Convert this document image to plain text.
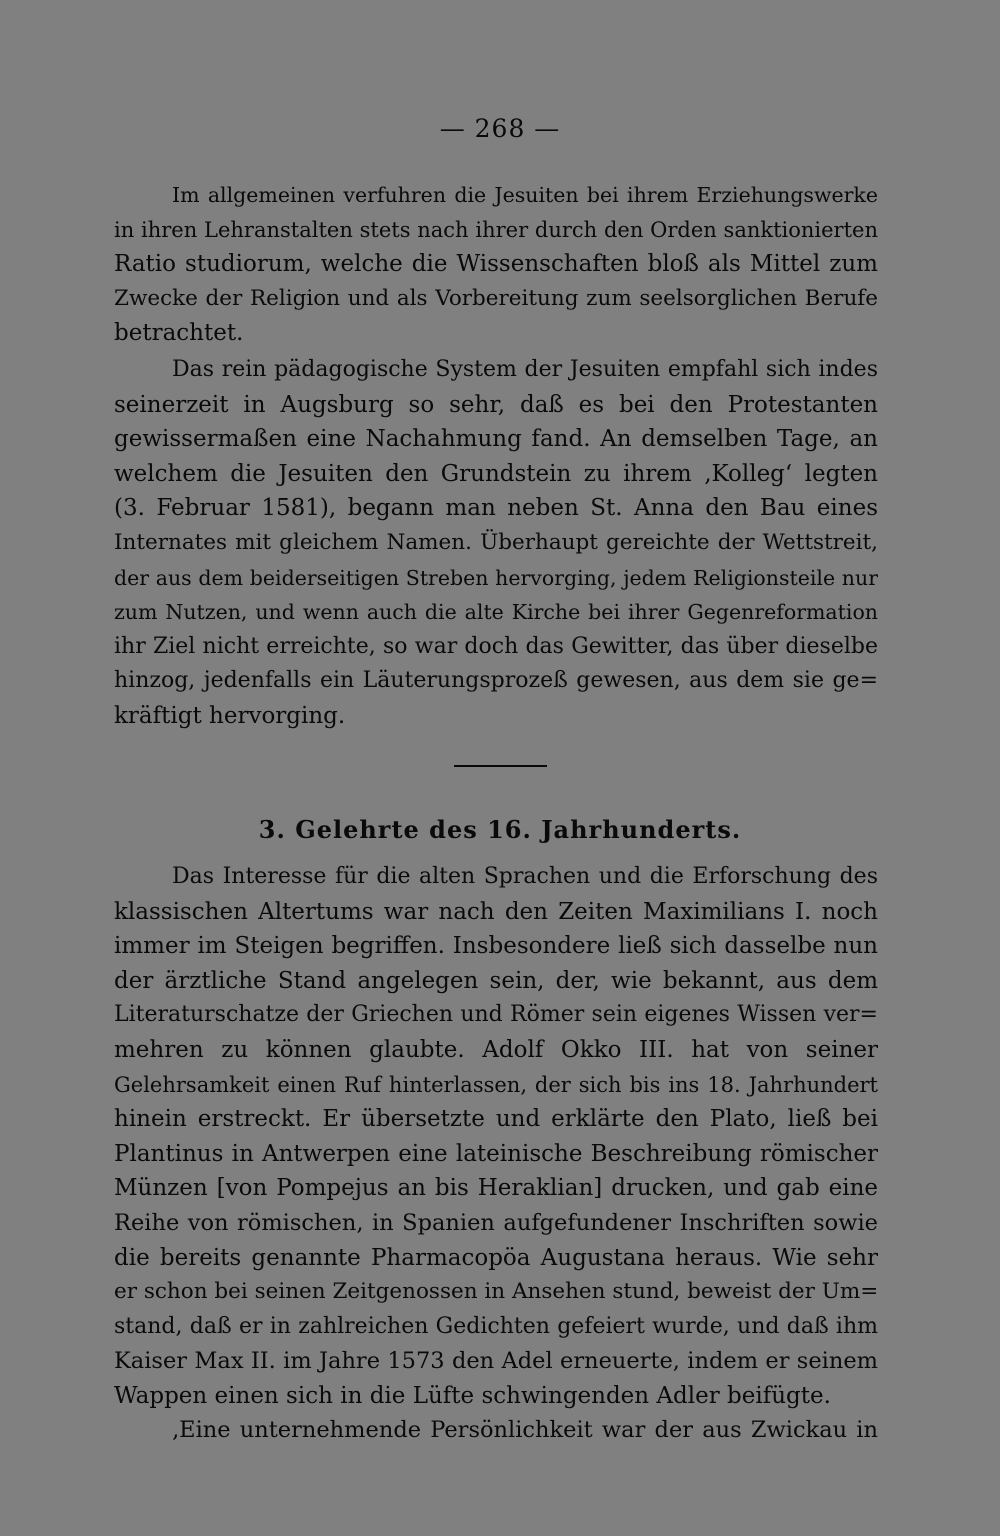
— 268 —
Im allgemeinen verfuhren die Jesuiten bei ihrem Erziehungswerke
in ihren Lehranstalten stets nach ihrer durch den Orden sanktionierten
Ratio studiorum, welche die Wissenschaften bloß als Mittel zum
Zwecke der Religion und als Vorbereitung zum seelsorglichen Berufe
betrachtet.
Das rein pädagogische System der Jesuiten empfahl sich indes
seinerzeit in Augsburg so sehr, daß es bei den Protestanten
gewissermaßen eine Nachahmung fand. An demselben Tage, an
welchem die Jesuiten den Grundstein zu ihrem ‚Kolleg‘ legten
(3. Februar 1581), begann man neben St. Anna den Bau eines
Internates mit gleichem Namen. Überhaupt gereichte der Wettstreit,
der aus dem beiderseitigen Streben hervorging, jedem Religionsteile nur
zum Nutzen, und wenn auch die alte Kirche bei ihrer Gegenreformation
ihr Ziel nicht erreichte, so war doch das Gewitter, das über dieselbe
hinzog, jedenfalls ein Läuterungsprozeß gewesen, aus dem sie ge=
kräftigt hervorging.
3. Gelehrte des 16. Jahrhunderts.
Das Interesse für die alten Sprachen und die Erforschung des
klassischen Altertums war nach den Zeiten Maximilians I. noch
immer im Steigen begriffen. Insbesondere ließ sich dasselbe nun
der ärztliche Stand angelegen sein, der, wie bekannt, aus dem
Literaturschatze der Griechen und Römer sein eigenes Wissen ver=
mehren zu können glaubte. Adolf Okko III. hat von seiner
Gelehrsamkeit einen Ruf hinterlassen, der sich bis ins 18. Jahrhundert
hinein erstreckt. Er übersetzte und erklärte den Plato, ließ bei
Plantinus in Antwerpen eine lateinische Beschreibung römischer
Münzen [von Pompejus an bis Heraklian] drucken, und gab eine
Reihe von römischen, in Spanien aufgefundener Inschriften sowie
die bereits genannte Pharmacopöa Augustana heraus. Wie sehr
er schon bei seinen Zeitgenossen in Ansehen stund, beweist der Um=
stand, daß er in zahlreichen Gedichten gefeiert wurde, und daß ihm
Kaiser Max II. im Jahre 1573 den Adel erneuerte, indem er seinem
Wappen einen sich in die Lüfte schwingenden Adler beifügte.
‚Eine unternehmende Persönlichkeit war der aus Zwickau in
